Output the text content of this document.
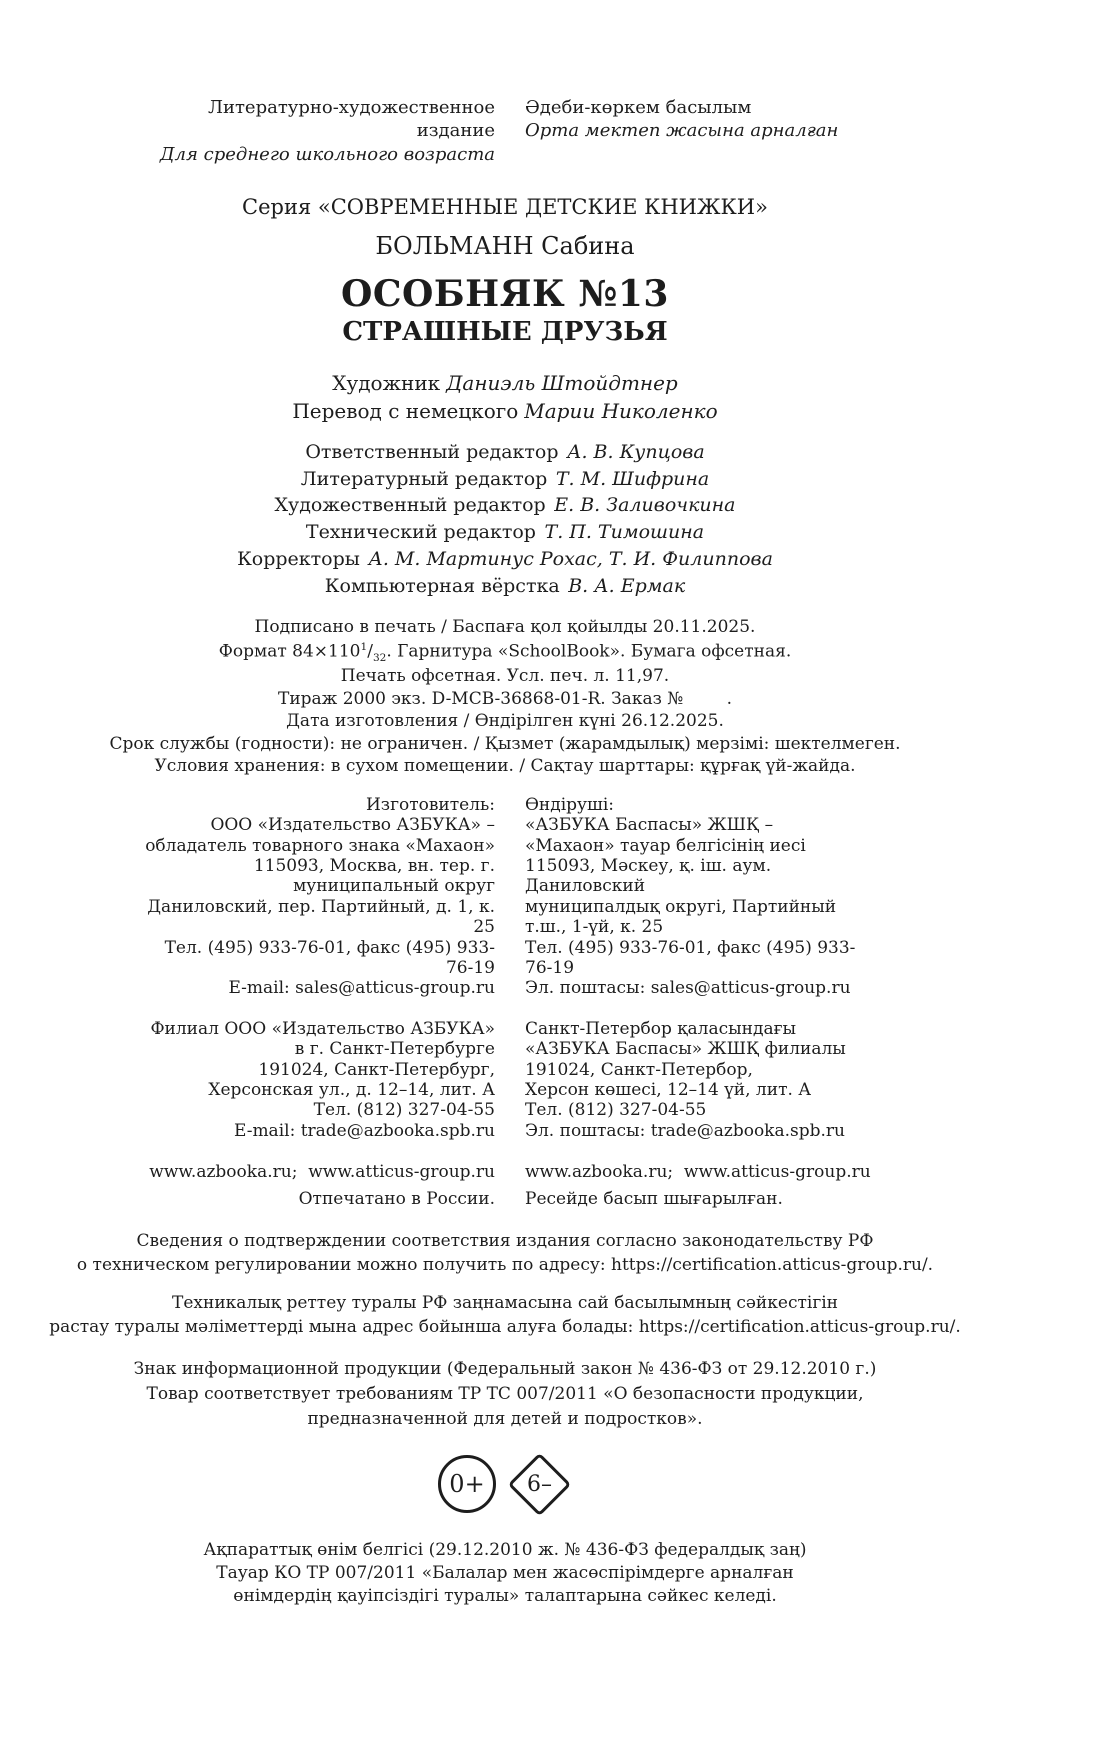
Литературно-художественное издание
Для среднего школьного возраста
Әдеби-көркем басылым
Орта мектеп жасына арналған
Серия «СОВРЕМЕННЫЕ ДЕТСКИЕ КНИЖКИ»
БОЛЬМАНН Сабина
ОСОБНЯК №13
СТРАШНЫЕ ДРУЗЬЯ
Художник Даниэль Штойдтнер
Перевод с немецкого Марии Николенко
Ответственный редактор А. В. Купцова
Литературный редактор Т. М. Шифрина
Художественный редактор Е. В. Заливочкина
Технический редактор Т. П. Тимошина
Корректоры А. М. Мартинус Рохас, Т. И. Филиппова
Компьютерная вёрстка В. А. Ермак
Подписано в печать / Баспаға қол қойылды 20.11.2025.
Формат $84\times 110^1/_{32}$. Гарнитура «SchoolBook». Бумага офсетная.
Печать офсетная. Усл. печ. л. 11,97.
Тираж 2000 экз. D-MCB-36868-01-R. Заказ №        .
Дата изготовления / Өндірілген күні 26.12.2025.
Срок службы (годности): не ограничен. / Қызмет (жарамдылық) мерзімі: шектелмеген.
Условия хранения: в сухом помещении. / Сақтау шарттары: құрғақ үй-жайда.
Изготовитель:
ООО «Издательство АЗБУКА» –
обладатель товарного знака «Махаон»
115093, Москва, вн. тер. г. муниципальный округ
Даниловский, пер. Партийный, д. 1, к. 25
Тел. (495) 933-76-01, факс (495) 933-76-19
E-mail: sales@atticus-group.ru
Өндіруші:
«АЗБУКА Баспасы» ЖШҚ –
«Махаон» тауар белгісінің иесі
115093, Мәскеу, қ. іш. аум. Даниловский
муниципалдық округі, Партийный т.ш., 1-үй, к. 25
Тел. (495) 933-76-01, факс (495) 933-76-19
Эл. поштасы: sales@atticus-group.ru
Филиал ООО «Издательство АЗБУКА»
в г. Санкт-Петербурге
191024, Санкт-Петербург,
Херсонская ул., д. 12–14, лит. А
Тел. (812) 327-04-55
E-mail: trade@azbooka.spb.ru
Санкт-Петербор қаласындағы
«АЗБУКА Баспасы» ЖШҚ филиалы
191024, Санкт-Петербор,
Херсон көшесі, 12–14 үй, лит. А
Тел. (812) 327-04-55
Эл. поштасы: trade@azbooka.spb.ru
www.azbooka.ru;  www.atticus-group.ru www.azbooka.ru;  www.atticus-group.ru
Отпечатано в России. Ресейде басып шығарылған.
Сведения о подтверждении соответствия издания согласно законодательству РФ
о техническом регулировании можно получить по адресу: https://certification.atticus-group.ru/.
Техникалық реттеу туралы РФ заңнамасына сай басылымның сәйкестігін
растау туралы мәліметтерді мына адрес бойынша алуға болады: https://certification.atticus-group.ru/.
Знак информационной продукции (Федеральный закон № 436-ФЗ от 29.12.2010 г.)
Товар соответствует требованиям ТР ТС 007/2011 «О безопасности продукции,
предназначенной для детей и подростков».
0+ 6–
Ақпараттық өнім белгісі (29.12.2010 ж. № 436-ФЗ федералдық заң)
Тауар КО ТР 007/2011 «Балалар мен жасөспірімдерге арналған
өнімдердің қауіпсіздігі туралы» талаптарына сәйкес келеді.
